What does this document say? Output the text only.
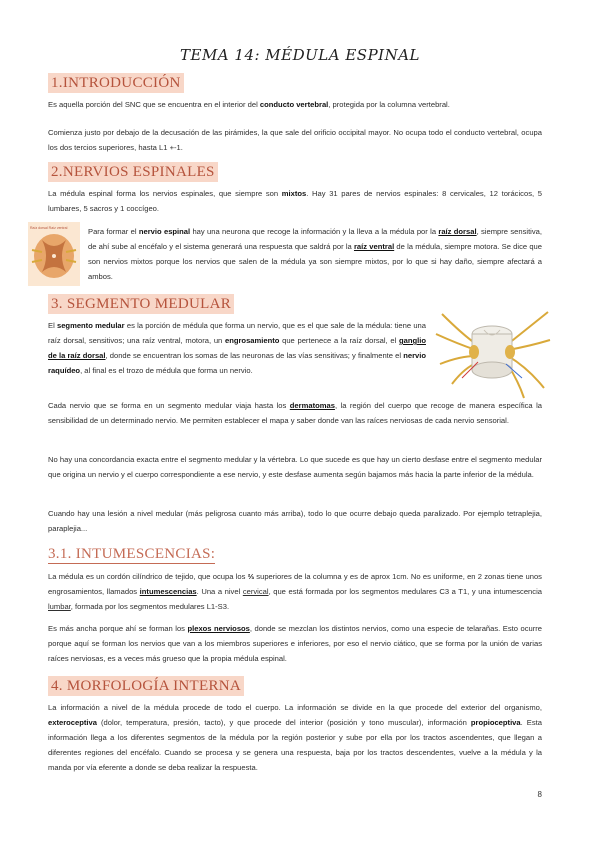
TEMA 14: MÉDULA ESPINAL
1.INTRODUCCIÓN

Es aquella porción del SNC que se encuentra en el interior del conducto vertebral, protegida por la columna vertebral.

Comienza justo por debajo de la decusación de las pirámides, la que sale del orificio occipital mayor. No ocupa todo el conducto vertebral, ocupa los dos tercios superiores, hasta L1 +-1.

2.NERVIOS ESPINALES

La médula espinal forma los nervios espinales, que siempre son mixtos. Hay 31 pares de nervios espinales: 8 cervicales, 12 torácicos, 5 lumbares, 5 sacros y 1 coccígeo.

Raíz dorsal Raíz ventral	Para formar el nervio espinal hay una neurona que recoge la información y la lleva a la médula por la raíz dorsal, siempre sensitiva, de ahí sube al encéfalo y el sistema generará una respuesta que saldrá por la raíz ventral de la médula, siempre motora. Se dice que son nervios mixtos porque los nervios que salen de la médula ya son siempre mixtos, por lo que si hay daño, siempre afectará a ambos.

3. SEGMENTO MEDULAR

El segmento medular es la porción de médula que forma un nervio, que es el que sale de la médula: tiene una raíz dorsal, sensitivos; una raíz ventral, motora, un engrosamiento que pertenece a la raíz dorsal, el ganglio de la raíz dorsal, donde se encuentran los somas de las neuronas de las vías sensitivas; y finalmente el nervio raquídeo, al final es el trozo de médula que forma un nervio.

Cada nervio que se forma en un segmento medular viaja hasta los dermatomas, la región del cuerpo que recoge de manera específica la sensibilidad de un determinado nervio. Me permiten establecer el mapa y saber donde van las raíces nerviosas de cada nervio sensorial.

No hay una concordancia exacta entre el segmento medular y la vértebra. Lo que sucede es que hay un cierto desfase entre el segmento medular que origina un nervio y el cuerpo correspondiente a ese nervio, y este desfase aumenta según bajamos más hacia la parte inferior de la médula.

Cuando hay una lesión a nivel medular (más peligrosa cuanto más arriba), todo lo que ocurre debajo queda paralizado. Por ejemplo tetraplejia, paraplejia...

3.1. INTUMESCENCIAS:

La médula es un cordón cilíndrico de tejido, que ocupa los ⅔ superiores de la columna y es de aprox 1cm. No es uniforme, en 2 zonas tiene unos engrosamientos, llamados intumescencias. Una a nivel cervical, que está formada por los segmentos medulares C3 a T1, y una intumescencia lumbar, formada por los segmentos medulares L1-S3.

Es más ancha porque ahí se forman los plexos nerviosos, donde se mezclan los distintos nervios, como una especie de telarañas. Esto ocurre porque aquí se forman los nervios que van a los miembros superiores e inferiores, por eso el nervio ciático, que se forma por la unión de varias raíces nerviosas, es a veces más grueso que la propia médula espinal.

4. MORFOLOGÍA INTERNA

La información a nivel de la médula procede de todo el cuerpo. La información se divide en la que procede del exterior del organismo, exteroceptiva (dolor, temperatura, presión, tacto), y que procede del interior (posición y tono muscular), información propioceptiva. Esta información llega a los diferentes segmentos de la médula por la región posterior y sube por ella por los tractos ascendentes, que llegan a diferentes regiones del encéfalo. Cuando se procesa y se genera una respuesta, baja por los tractos descendentes, vuelve a la médula y la manda por vía eferente a donde se deba realizar la respuesta.

8
